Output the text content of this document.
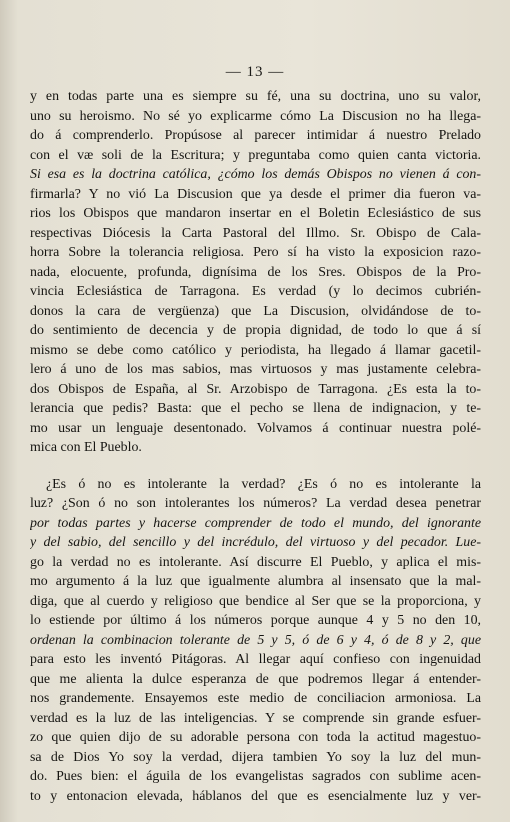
— 13 —
y en todas parte una es siempre su fé, una su doctrina, uno su valor,
uno su heroismo. No sé yo explicarme cómo La Discusion no ha llega-
do á comprenderlo. Propúsose al parecer intimidar á nuestro Prelado
con el væ soli de la Escritura; y preguntaba como quien canta victoria.
Si esa es la doctrina católica, ¿cómo los demás Obispos no vienen á con-
firmarla? Y no vió La Discusion que ya desde el primer dia fueron va-
rios los Obispos que mandaron insertar en el Boletin Eclesiástico de sus
respectivas Diócesis la Carta Pastoral del Illmo. Sr. Obispo de Cala-
horra Sobre la tolerancia religiosa. Pero sí ha visto la exposicion razo-
nada, elocuente, profunda, dignísima de los Sres. Obispos de la Pro-
vincia Eclesiástica de Tarragona. Es verdad (y lo decimos cubrién-
donos la cara de vergüenza) que La Discusion, olvidándose de to-
do sentimiento de decencia y de propia dignidad, de todo lo que á sí
mismo se debe como católico y periodista, ha llegado á llamar gacetil-
lero á uno de los mas sabios, mas virtuosos y mas justamente celebra-
dos Obispos de España, al Sr. Arzobispo de Tarragona. ¿Es esta la to-
lerancia que pedis? Basta: que el pecho se llena de indignacion, y te-
mo usar un lenguaje desentonado. Volvamos á continuar nuestra polé-
mica con El Pueblo.
¿Es ó no es intolerante la verdad? ¿Es ó no es intolerante la
luz? ¿Son ó no son intolerantes los números? La verdad desea penetrar
por todas partes y hacerse comprender de todo el mundo, del ignorante
y del sabio, del sencillo y del incrédulo, del virtuoso y del pecador. Lue-
go la verdad no es intolerante. Así discurre El Pueblo, y aplica el mis-
mo argumento á la luz que igualmente alumbra al insensato que la mal-
diga, que al cuerdo y religioso que bendice al Ser que se la proporciona, y
lo estiende por último á los números porque aunque 4 y 5 no den 10,
ordenan la combinacion tolerante de 5 y 5, ó de 6 y 4, ó de 8 y 2, que
para esto les inventó Pitágoras. Al llegar aquí confieso con ingenuidad
que me alienta la dulce esperanza de que podremos llegar á entender-
nos grandemente. Ensayemos este medio de conciliacion armoniosa. La
verdad es la luz de las inteligencias. Y se comprende sin grande esfuer-
zo que quien dijo de su adorable persona con toda la actitud magestuo-
sa de Dios Yo soy la verdad, dijera tambien Yo soy la luz del mun-
do. Pues bien: el águila de los evangelistas sagrados con sublime acen-
to y entonacion elevada, háblanos del que es esencialmente luz y ver-
